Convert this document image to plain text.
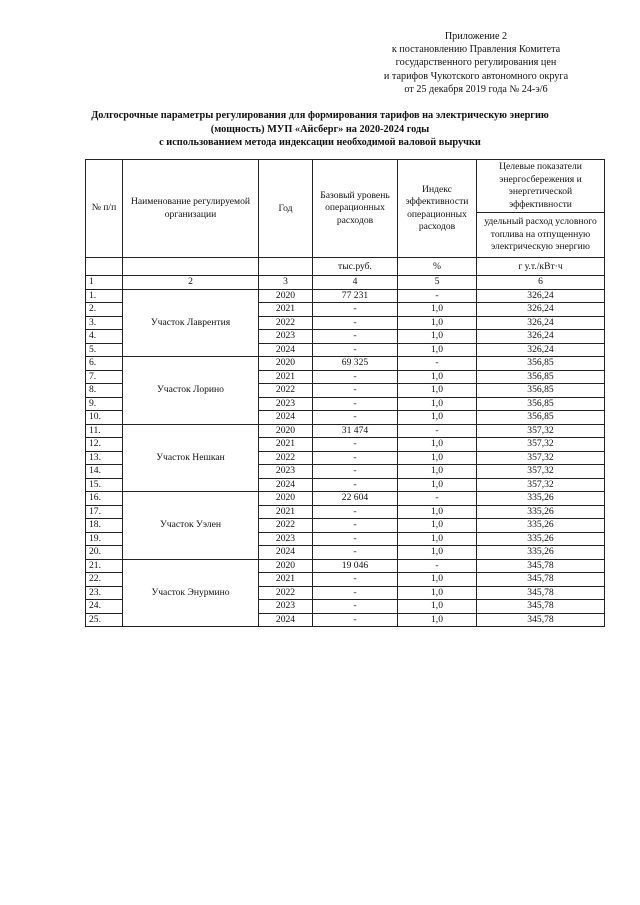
Приложение 2
к постановлению Правления Комитета
государственного регулирования цен
и тарифов Чукотского автономного округа
от 25 декабря 2019 года № 24-э/6
Долгосрочные параметры регулирования для формирования тарифов на электрическую энергию
(мощность) МУП «Айсберг» на 2020-2024 годы
с использованием метода индексации необходимой валовой выручки
№ п/п	Наименование регулируемой организации	Год	Базовый уровень операционных расходов	Индекс эффективности операционных расходов	Целевые показатели энергосбережения и энергетической эффективности
					удельный расход условного топлива на отпущенную электрическую энергию
			тыс.руб.	%	г у.т./кВт·ч
1	2	3	4	5	6
1.	Участок Лаврентия	2020	77 231	-	326,24
2.		2021	-	1,0	326,24
3.		2022	-	1,0	326,24
4.		2023	-	1,0	326,24
5.		2024	-	1,0	326,24
6.	Участок Лорино	2020	69 325	-	356,85
7.		2021	-	1,0	356,85
8.		2022	-	1,0	356,85
9.		2023	-	1,0	356,85
10.		2024	-	1,0	356,85
11.	Участок Нешкан	2020	31 474	-	357,32
12.		2021	-	1,0	357,32
13.		2022	-	1,0	357,32
14.		2023	-	1,0	357,32
15.		2024	-	1,0	357,32
16.	Участок Уэлен	2020	22 604	-	335,26
17.		2021	-	1,0	335,26
18.		2022	-	1,0	335,26
19.		2023	-	1,0	335,26
20.		2024	-	1,0	335,26
21.	Участок Энурмино	2020	19 046	-	345,78
22.		2021	-	1,0	345,78
23.		2022	-	1,0	345,78
24.		2023	-	1,0	345,78
25.		2024	-	1,0	345,78
